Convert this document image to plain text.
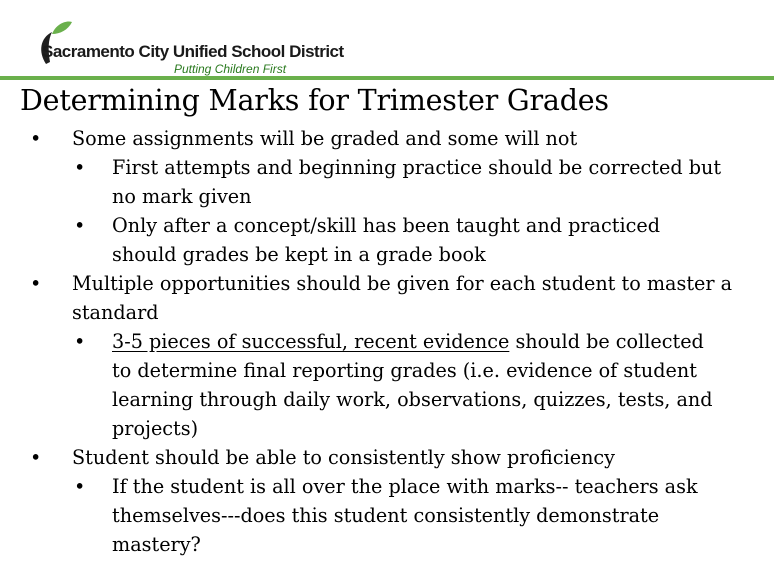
Sacramento City Unified School District
Putting Children First
Determining Marks for Trimester Grades
• Some assignments will be graded and some will not
• First attempts and beginning practice should be corrected but no mark given
• Only after a concept/skill has been taught and practiced should grades be kept in a grade book
• Multiple opportunities should be given for each student to master a standard
• 3-5 pieces of successful, recent evidence should be collected to determine final reporting grades (i.e. evidence of student learning through daily work, observations, quizzes, tests, and projects)
• Student should be able to consistently show proficiency
• If the student is all over the place with marks-- teachers ask themselves---does this student consistently demonstrate mastery?
